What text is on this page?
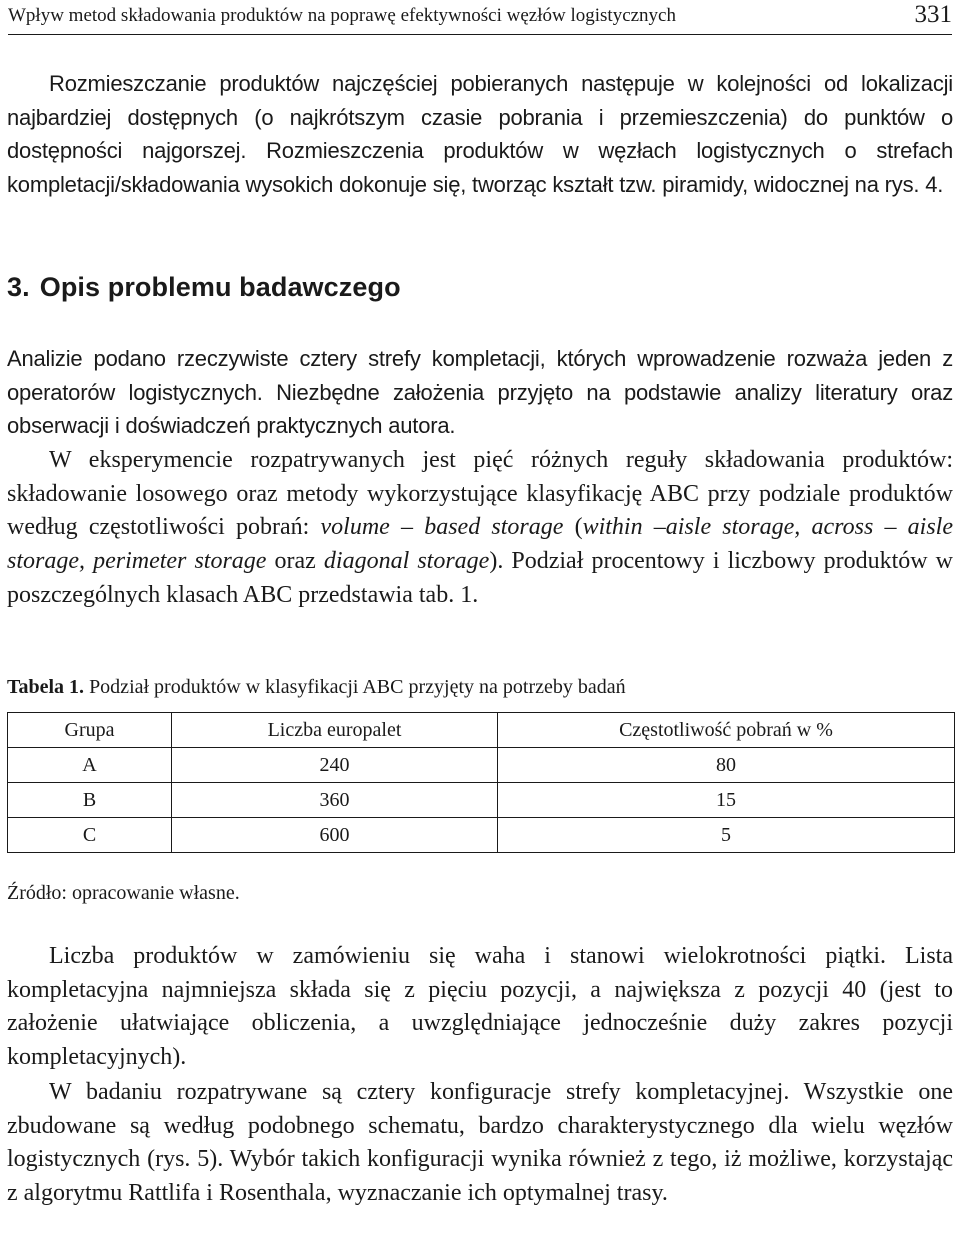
Wpływ metod składowania produktów na poprawę efektywności węzłów logistycznych	331

Rozmieszczanie produktów najczęściej pobieranych następuje w kolejności od lokalizacji najbardziej dostępnych (o najkrótszym czasie pobrania i przemieszczenia) do punktów o dostępności najgorszej. Rozmieszczenia produktów w węzłach logistycznych o strefach kompletacji/składowania wysokich dokonuje się, tworząc kształt tzw. piramidy, widocznej na rys. 4.

3. Opis problemu badawczego

Analizie podano rzeczywiste cztery strefy kompletacji, których wprowadzenie rozważa jeden z operatorów logistycznych. Niezbędne założenia przyjęto na podstawie analizy literatury oraz obserwacji i doświadczeń praktycznych autora.

W eksperymencie rozpatrywanych jest pięć różnych reguły składowania produktów: składowanie losowego oraz metody wykorzystujące klasyfikację ABC przy podziale produktów według częstotliwości pobrań: volume – based storage (within –aisle storage, across – aisle storage, perimeter storage oraz diagonal storage). Podział procentowy i liczbowy produktów w poszczególnych klasach ABC przedstawia tab. 1.

Tabela 1. Podział produktów w klasyfikacji ABC przyjęty na potrzeby badań

Grupa	Liczba europalet	Częstotliwość pobrań w %
A	240	80
B	360	15
C	600	5

Źródło: opracowanie własne.

Liczba produktów w zamówieniu się waha i stanowi wielokrotności piątki. Lista kompletacyjna najmniejsza składa się z pięciu pozycji, a największa z pozycji 40 (jest to założenie ułatwiające obliczenia, a uwzględniające jednocześnie duży zakres pozycji kompletacyjnych).

W badaniu rozpatrywane są cztery konfiguracje strefy kompletacyjnej. Wszystkie one zbudowane są według podobnego schematu, bardzo charakterystycznego dla wielu węzłów logistycznych (rys. 5). Wybór takich konfiguracji wynika również z tego, iż możliwe, korzystając z algorytmu Rattlifa i Rosenthala, wyznaczanie ich optymalnej trasy.
